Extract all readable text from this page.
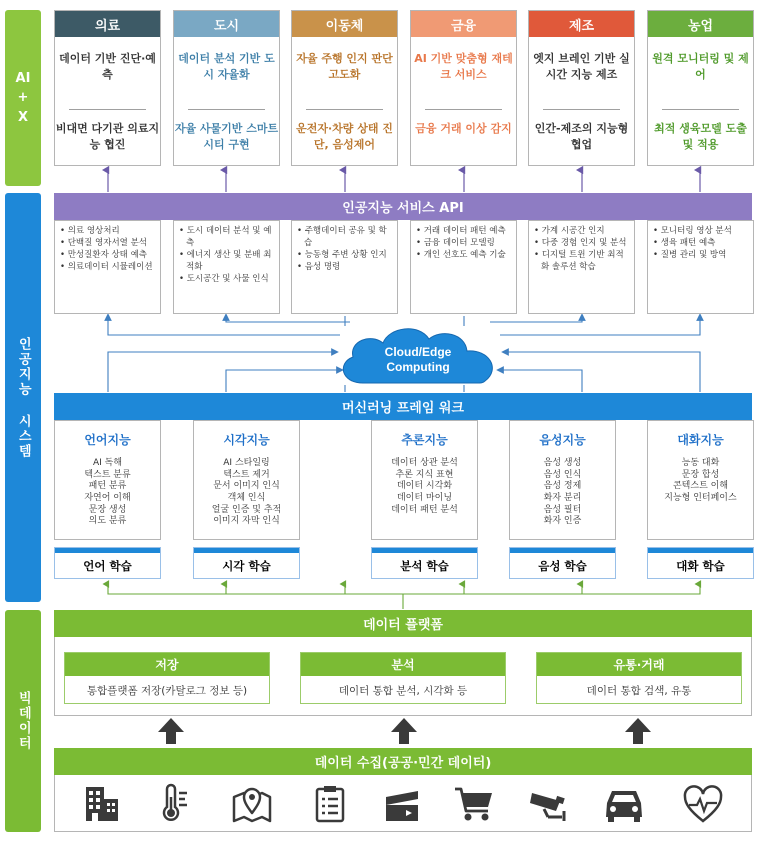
AI + X
인공지능 시스템
빅데이터
의료
데이터 기반 진단·예측
비대면 다기관 의료지능 협진
도시
데이터 분석 기반 도시 자율화
자율 사물기반 스마트시티 구현
이동체
자율 주행 인지 판단 고도화
운전자·차량 상태 진단, 음성제어
금융
AI 기반 맞춤형 재테크 서비스
금융 거래 이상 감지
제조
엣지 브레인 기반 실시간 지능 제조
인간-제조의 지능형 협업
농업
원격 모니터링 및 제어
최적 생육모델 도출 및 적용
인공지능 서비스 API
• 의료 영상처리
• 단백질 영자서열 분석
• 만성질환자 상태 예측
• 의료데이터 시뮬레이션
• 도시 데이터 분석 및 예측
• 에너지 생산 및 분배 최적화
• 도시공간 및 사물 인식
• 주행데이터 공유 및 학습
• 능동형 주변 상황 인지
• 음성 명령
• 거래 데이터 패턴 예측
• 금융 데이터 모델링
• 개인 선호도 예측 기술
• 가계 시공간 인지
• 다중 경험 인지 및 분석
• 디지털 트윈 기반 최적화 솔루션 학습
• 모니터링 영상 분석
• 생육 패턴 예측
• 질병 관리 및 방역
Cloud/Edge
Computing
머신러닝 프레임 워크
언어지능
AI 독해
텍스트 분류
패턴 분류
자연어 이해
문장 생성
의도 분류
시각지능
AI 스타일링
텍스트 제거
문서 이미지 인식
객체 인식
얼굴 인증 및 추적
이미지 자막 인식
추론지능
데이터 상관 분석
추론 지식 표현
데이터 시각화
데이터 마이닝
데이터 패턴 분석
음성지능
음성 생성
음성 인식
음성 정제
화자 분리
음성 필터
화자 인증
대화지능
능동 대화
문장 합성
콘텍스트 이해
지능형 인터페이스
언어 학습	시각 학습	분석 학습	음성 학습	대화 학습
데이터 플랫폼
저장
통합플랫폼 저장(카탈로그 정보 등)
분석
데이터 통합 분석, 시각화 등
유통·거래
데이터 통합 검색, 유통
데이터 수집(공공·민간 데이터)
